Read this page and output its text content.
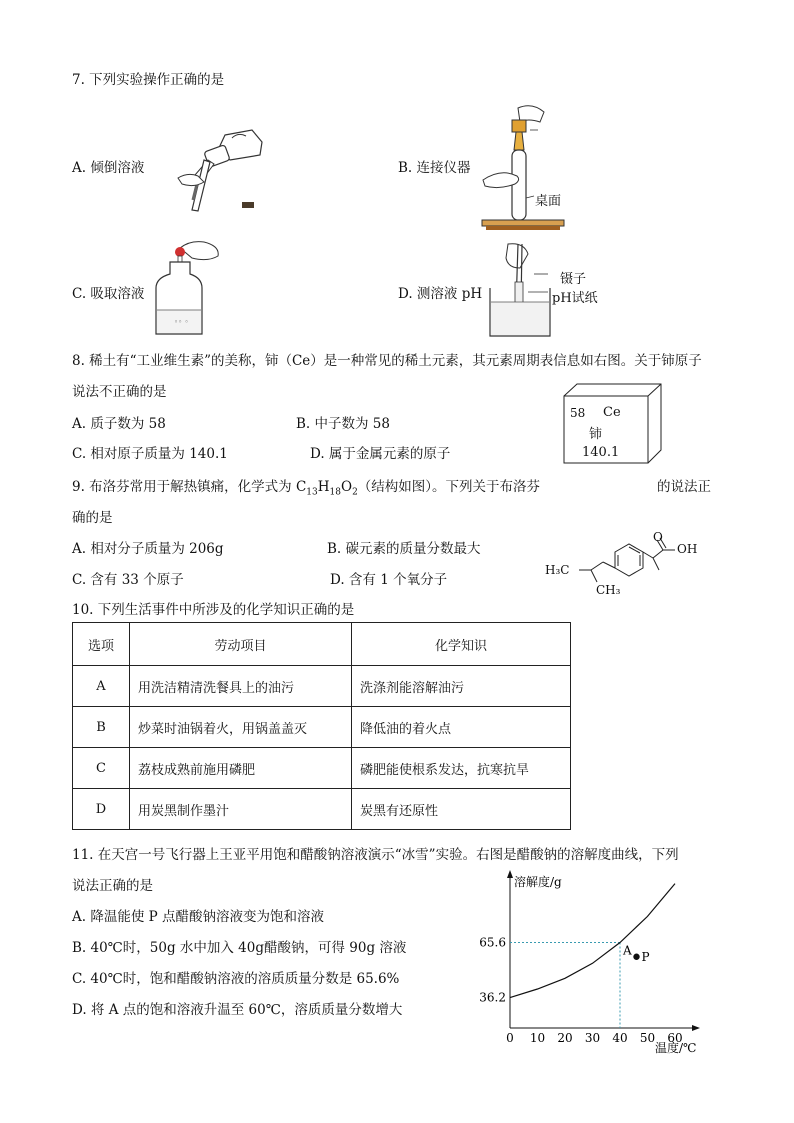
7. 下列实验操作正确的是
A. 倾倒溶液	B. 连接仪器
桌面
C. 吸取溶液
◦◦ ◦
D. 测溶液 pH
镊子
pH试纸
8. 稀土有“工业维生素”的美称，铈（Ce）是一种常见的稀土元素，其元素周期表信息如右图。关于铈原子
说法不正确的是
A. 质子数为 58	B. 中子数为 58
C. 相对原子质量为 140.1	D. 属于金属元素的原子
58 Ce
铈
140.1
9. 布洛芬常用于解热镇痛，化学式为 $C_{13}H_{18}O_2$（结构如图）。下列关于布洛芬	的说法正
确的是
A. 相对分子质量为 206g	B. 碳元素的质量分数最大
C. 含有 33 个原子	D. 含有 1 个氧分子
O
OH
H₃C
CH₃
10. 下列生活事件中所涉及的化学知识正确的是
选项	劳动项目	化学知识
A	用洗洁精清洗餐具上的油污	洗涤剂能溶解油污
B	炒菜时油锅着火，用锅盖盖灭	降低油的着火点
C	荔枝成熟前施用磷肥	磷肥能使根系发达，抗寒抗旱
D	用炭黑制作墨汁	炭黑有还原性
11. 在天宫一号飞行器上王亚平用饱和醋酸钠溶液演示“冰雪”实验。右图是醋酸钠的溶解度曲线，下列
说法正确的是
A. 降温能使 P 点醋酸钠溶液变为饱和溶液
B. 40℃时，50g 水中加入 40g醋酸钠，可得 90g 溶液
C. 40℃时，饱和醋酸钠溶液的溶质质量分数是 65.6%
D. 将 A 点的饱和溶液升温至 60℃，溶质质量分数增大
溶解度/g
温度/℃
0 10 20 30 40 50 60
65.6
36.2
A P
